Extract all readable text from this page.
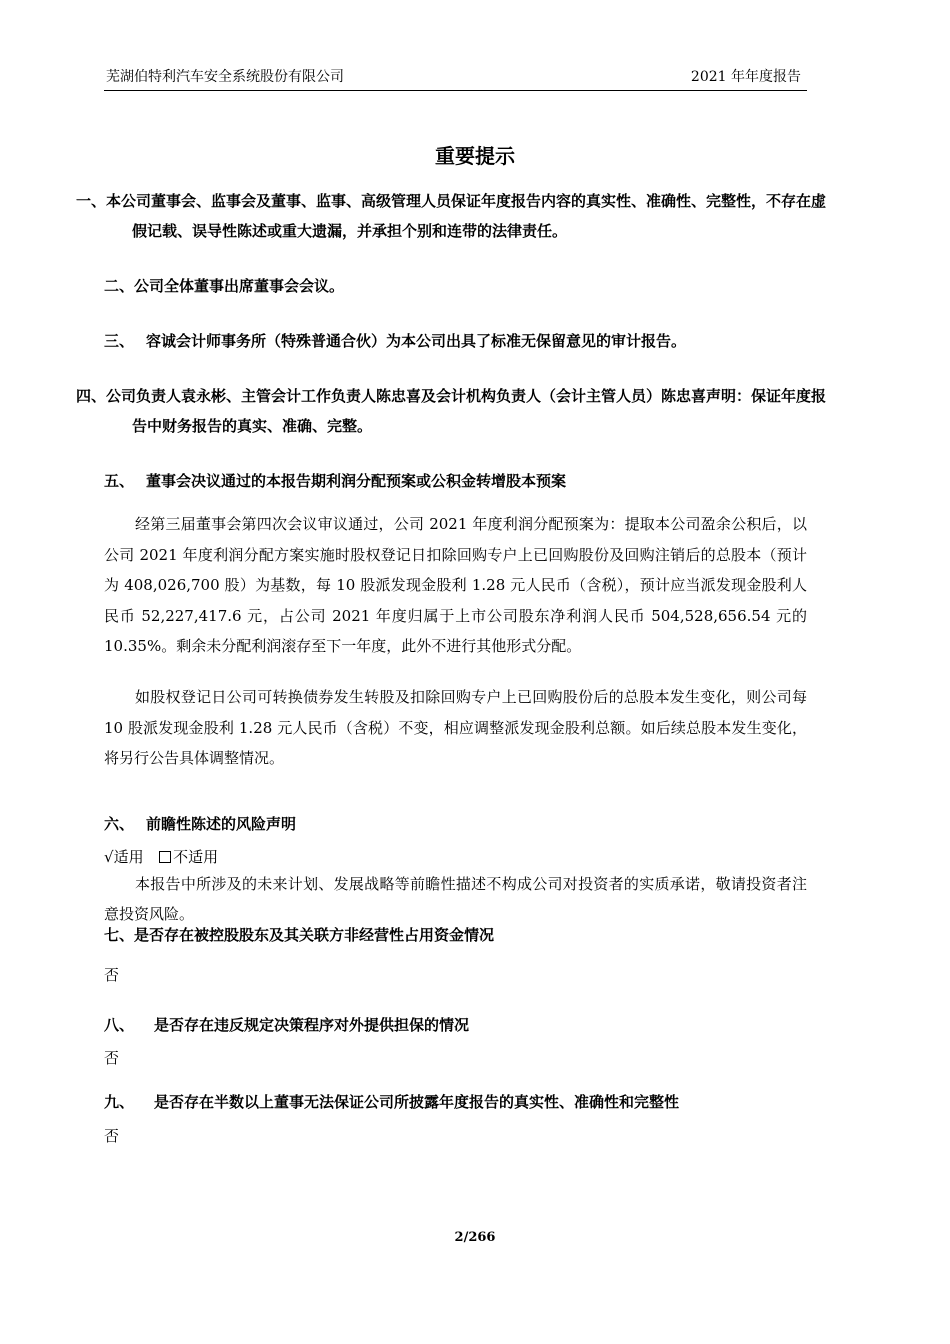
芜湖伯特利汽车安全系统股份有限公司	2021 年年度报告
重要提示
一、本公司董事会、监事会及董事、监事、高级管理人员保证年度报告内容的真实性、准确性、完整性，不存在虚假记载、误导性陈述或重大遗漏，并承担个别和连带的法律责任。
二、公司全体董事出席董事会会议。
三、 容诚会计师事务所（特殊普通合伙）为本公司出具了标准无保留意见的审计报告。
四、公司负责人袁永彬、主管会计工作负责人陈忠喜及会计机构负责人（会计主管人员）陈忠喜声明：保证年度报告中财务报告的真实、准确、完整。
五、 董事会决议通过的本报告期利润分配预案或公积金转增股本预案
经第三届董事会第四次会议审议通过，公司 2021 年度利润分配预案为：提取本公司盈余公积后，以公司 2021 年度利润分配方案实施时股权登记日扣除回购专户上已回购股份及回购注销后的总股本（预计为 408,026,700 股）为基数，每 10 股派发现金股利 1.28 元人民币（含税），预计应当派发现金股利人民币 52,227,417.6 元，占公司 2021 年度归属于上市公司股东净利润人民币 504,528,656.54 元的 10.35%。剩余未分配利润滚存至下一年度，此外不进行其他形式分配。
如股权登记日公司可转换债券发生转股及扣除回购专户上已回购股份后的总股本发生变化，则公司每 10 股派发现金股利 1.28 元人民币（含税）不变，相应调整派发现金股利总额。如后续总股本发生变化，将另行公告具体调整情况。
六、 前瞻性陈述的风险声明
√适用 不适用
本报告中所涉及的未来计划、发展战略等前瞻性描述不构成公司对投资者的实质承诺，敬请投资者注意投资风险。
七、是否存在被控股股东及其关联方非经营性占用资金情况
否
八、 是否存在违反规定决策程序对外提供担保的情况
否
九、 是否存在半数以上董事无法保证公司所披露年度报告的真实性、准确性和完整性
否
2/266
